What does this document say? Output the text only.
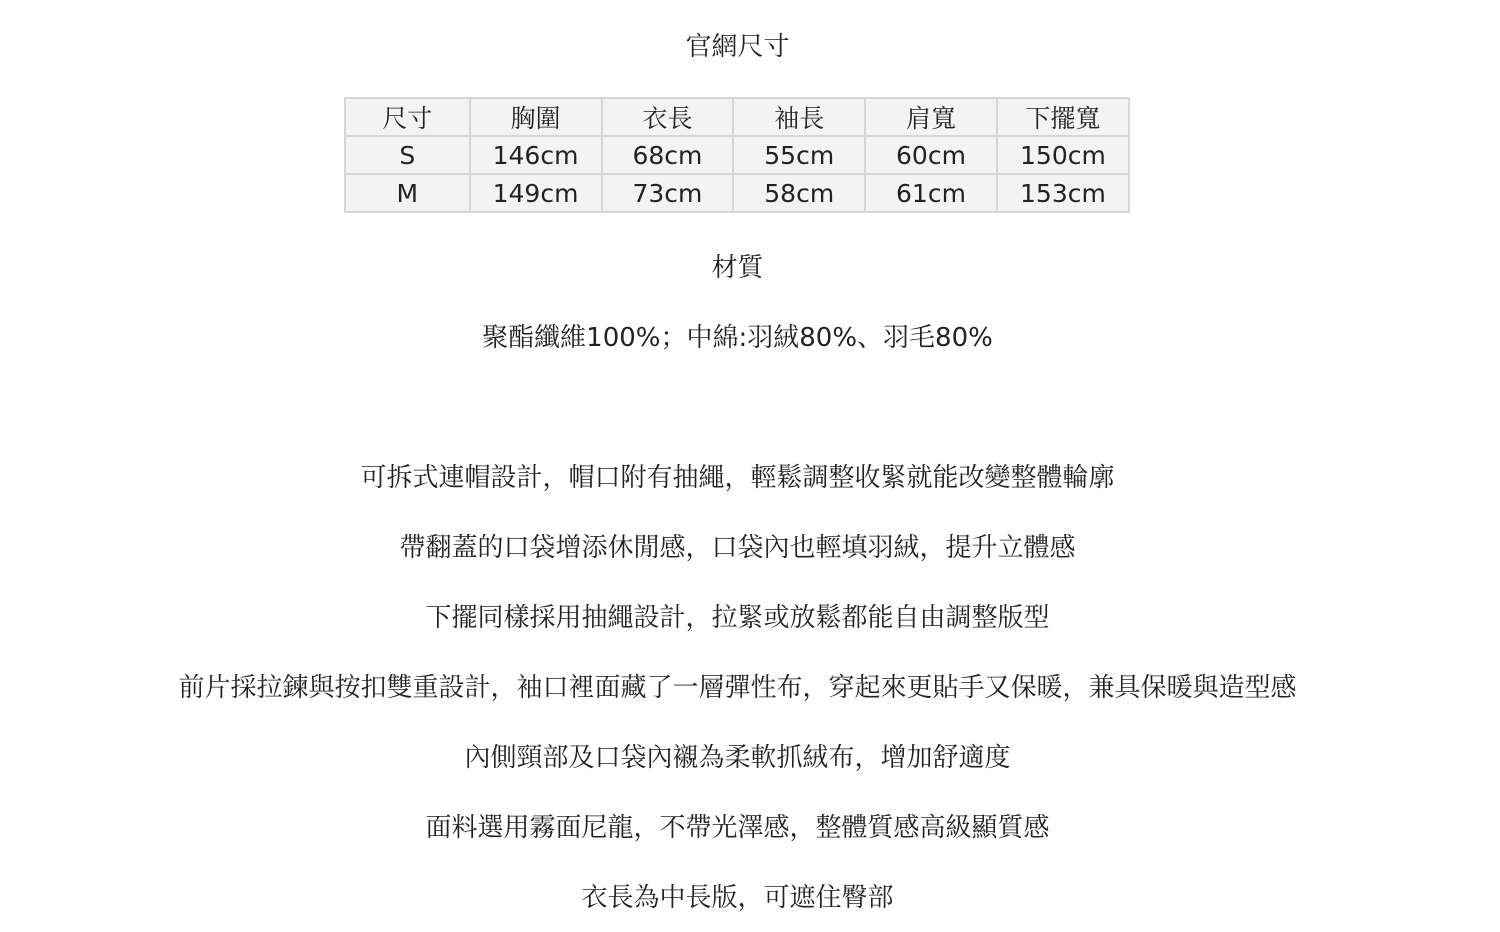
官網尺寸
尺寸	胸圍	衣長	袖長	肩寬	下擺寬
S	146cm	68cm	55cm	60cm	150cm
M	149cm	73cm	58cm	61cm	153cm
材質
聚酯纖維100%；中綿:羽絨80%、羽毛80%
可拆式連帽設計，帽口附有抽繩，輕鬆調整收緊就能改變整體輪廓
帶翻蓋的口袋增添休閒感，口袋內也輕填羽絨，提升立體感
下擺同樣採用抽繩設計，拉緊或放鬆都能自由調整版型
前片採拉鍊與按扣雙重設計，袖口裡面藏了一層彈性布，穿起來更貼手又保暖，兼具保暖與造型感
內側頸部及口袋內襯為柔軟抓絨布，增加舒適度
面料選用霧面尼龍，不帶光澤感，整體質感高級顯質感
衣長為中長版，可遮住臀部
